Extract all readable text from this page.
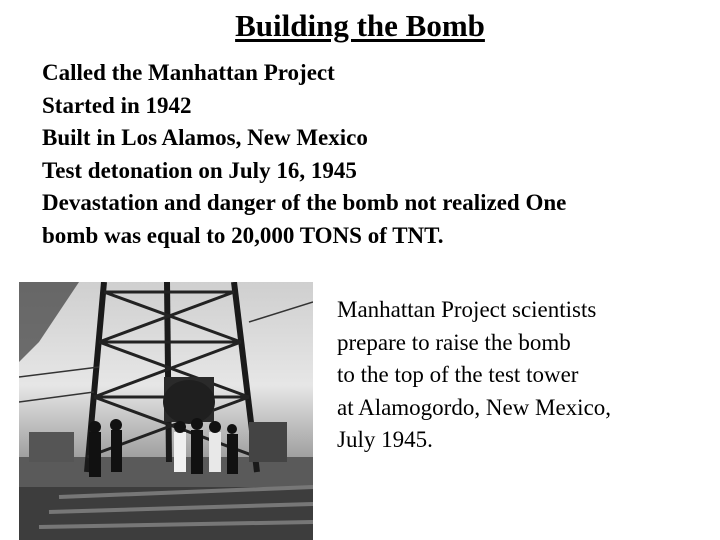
Building the Bomb
Called the Manhattan Project
Started in 1942
Built in Los Alamos, New Mexico
Test detonation on July 16, 1945
Devastation and danger of the bomb not realized One
bomb was equal to 20,000 TONS of TNT.
Manhattan Project scientists
prepare to raise the bomb
to the top of the test tower
at Alamogordo, New Mexico,
July 1945.
